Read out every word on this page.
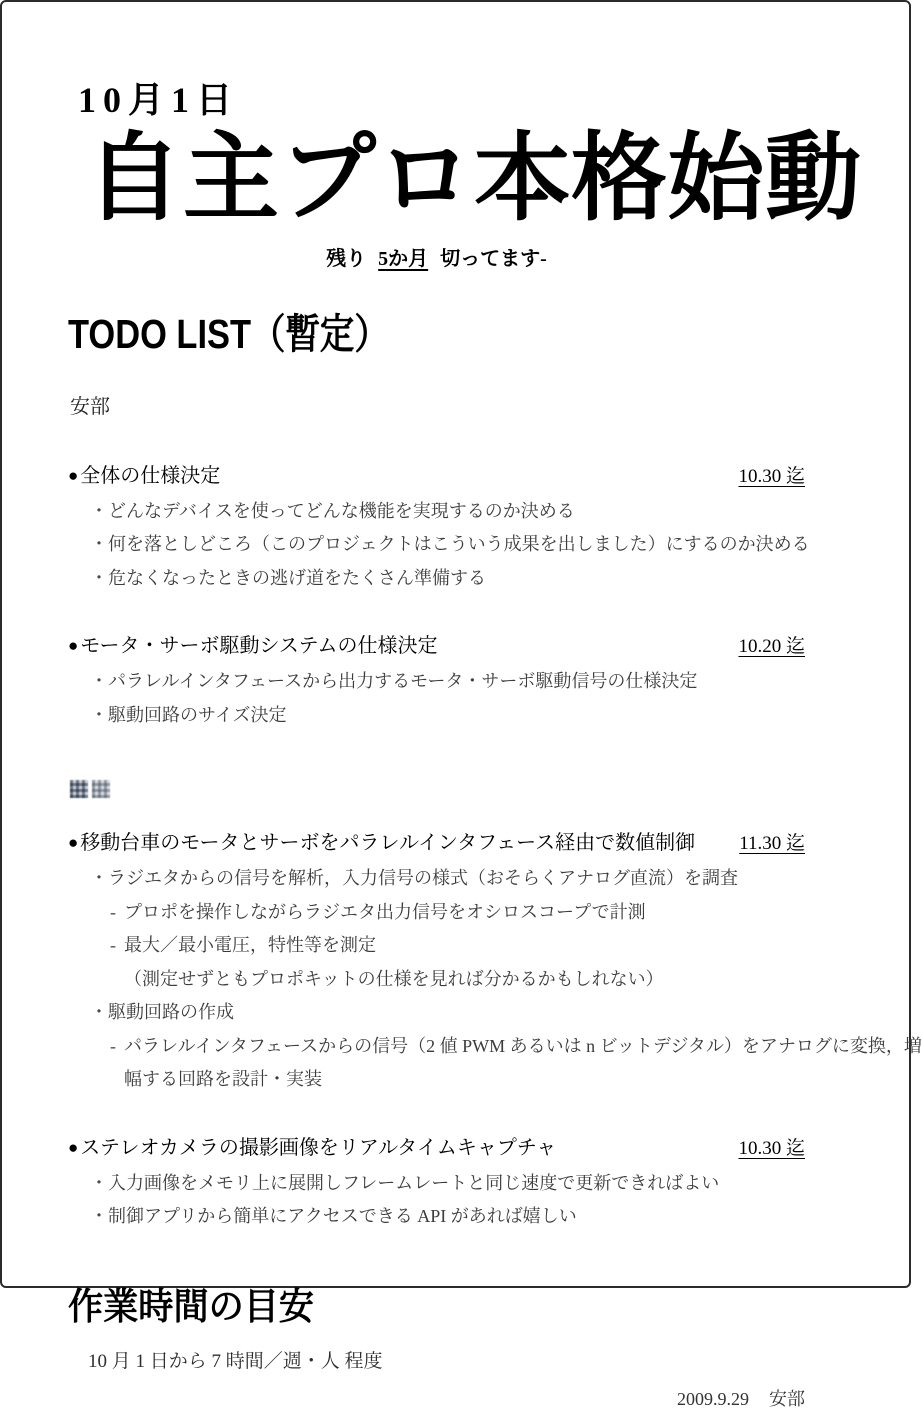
10月1日
自主プロ本格始動
残り 5か月 切ってます-
TODO LIST（暫定）
安部
● 全体の仕様決定	10.30 迄
・ どんなデバイスを使ってどんな機能を実現するのか決める
・ 何を落としどころ（このプロジェクトはこういう成果を出しました）にするのか決める
・ 危なくなったときの逃げ道をたくさん準備する
● モータ・サーボ駆動システムの仕様決定	10.20 迄
・ パラレルインタフェースから出力するモータ・サーボ駆動信号の仕様決定
・ 駆動回路のサイズ決定
● 移動台車のモータとサーボをパラレルインタフェース経由で数値制御 11.30 迄
・ ラジエタからの信号を解析，入力信号の様式（おそらくアナログ直流）を調査
- プロポを操作しながらラジエタ出力信号をオシロスコープで計測
- 最大／最小電圧，特性等を測定
（測定せずともプロポキットの仕様を見れば分かるかもしれない）
・ 駆動回路の作成
- パラレルインタフェースからの信号（2 値 PWM あるいは n ビットデジタル）をアナログに変換，増
幅する回路を設計・実装
● ステレオカメラの撮影画像をリアルタイムキャプチャ	10.30 迄
・ 入力画像をメモリ上に展開しフレームレートと同じ速度で更新できればよい
・ 制御アプリから簡単にアクセスできる API があれば嬉しい
作業時間の目安
10 月 1 日から 7 時間／週・人 程度
2009.9.29 安部
